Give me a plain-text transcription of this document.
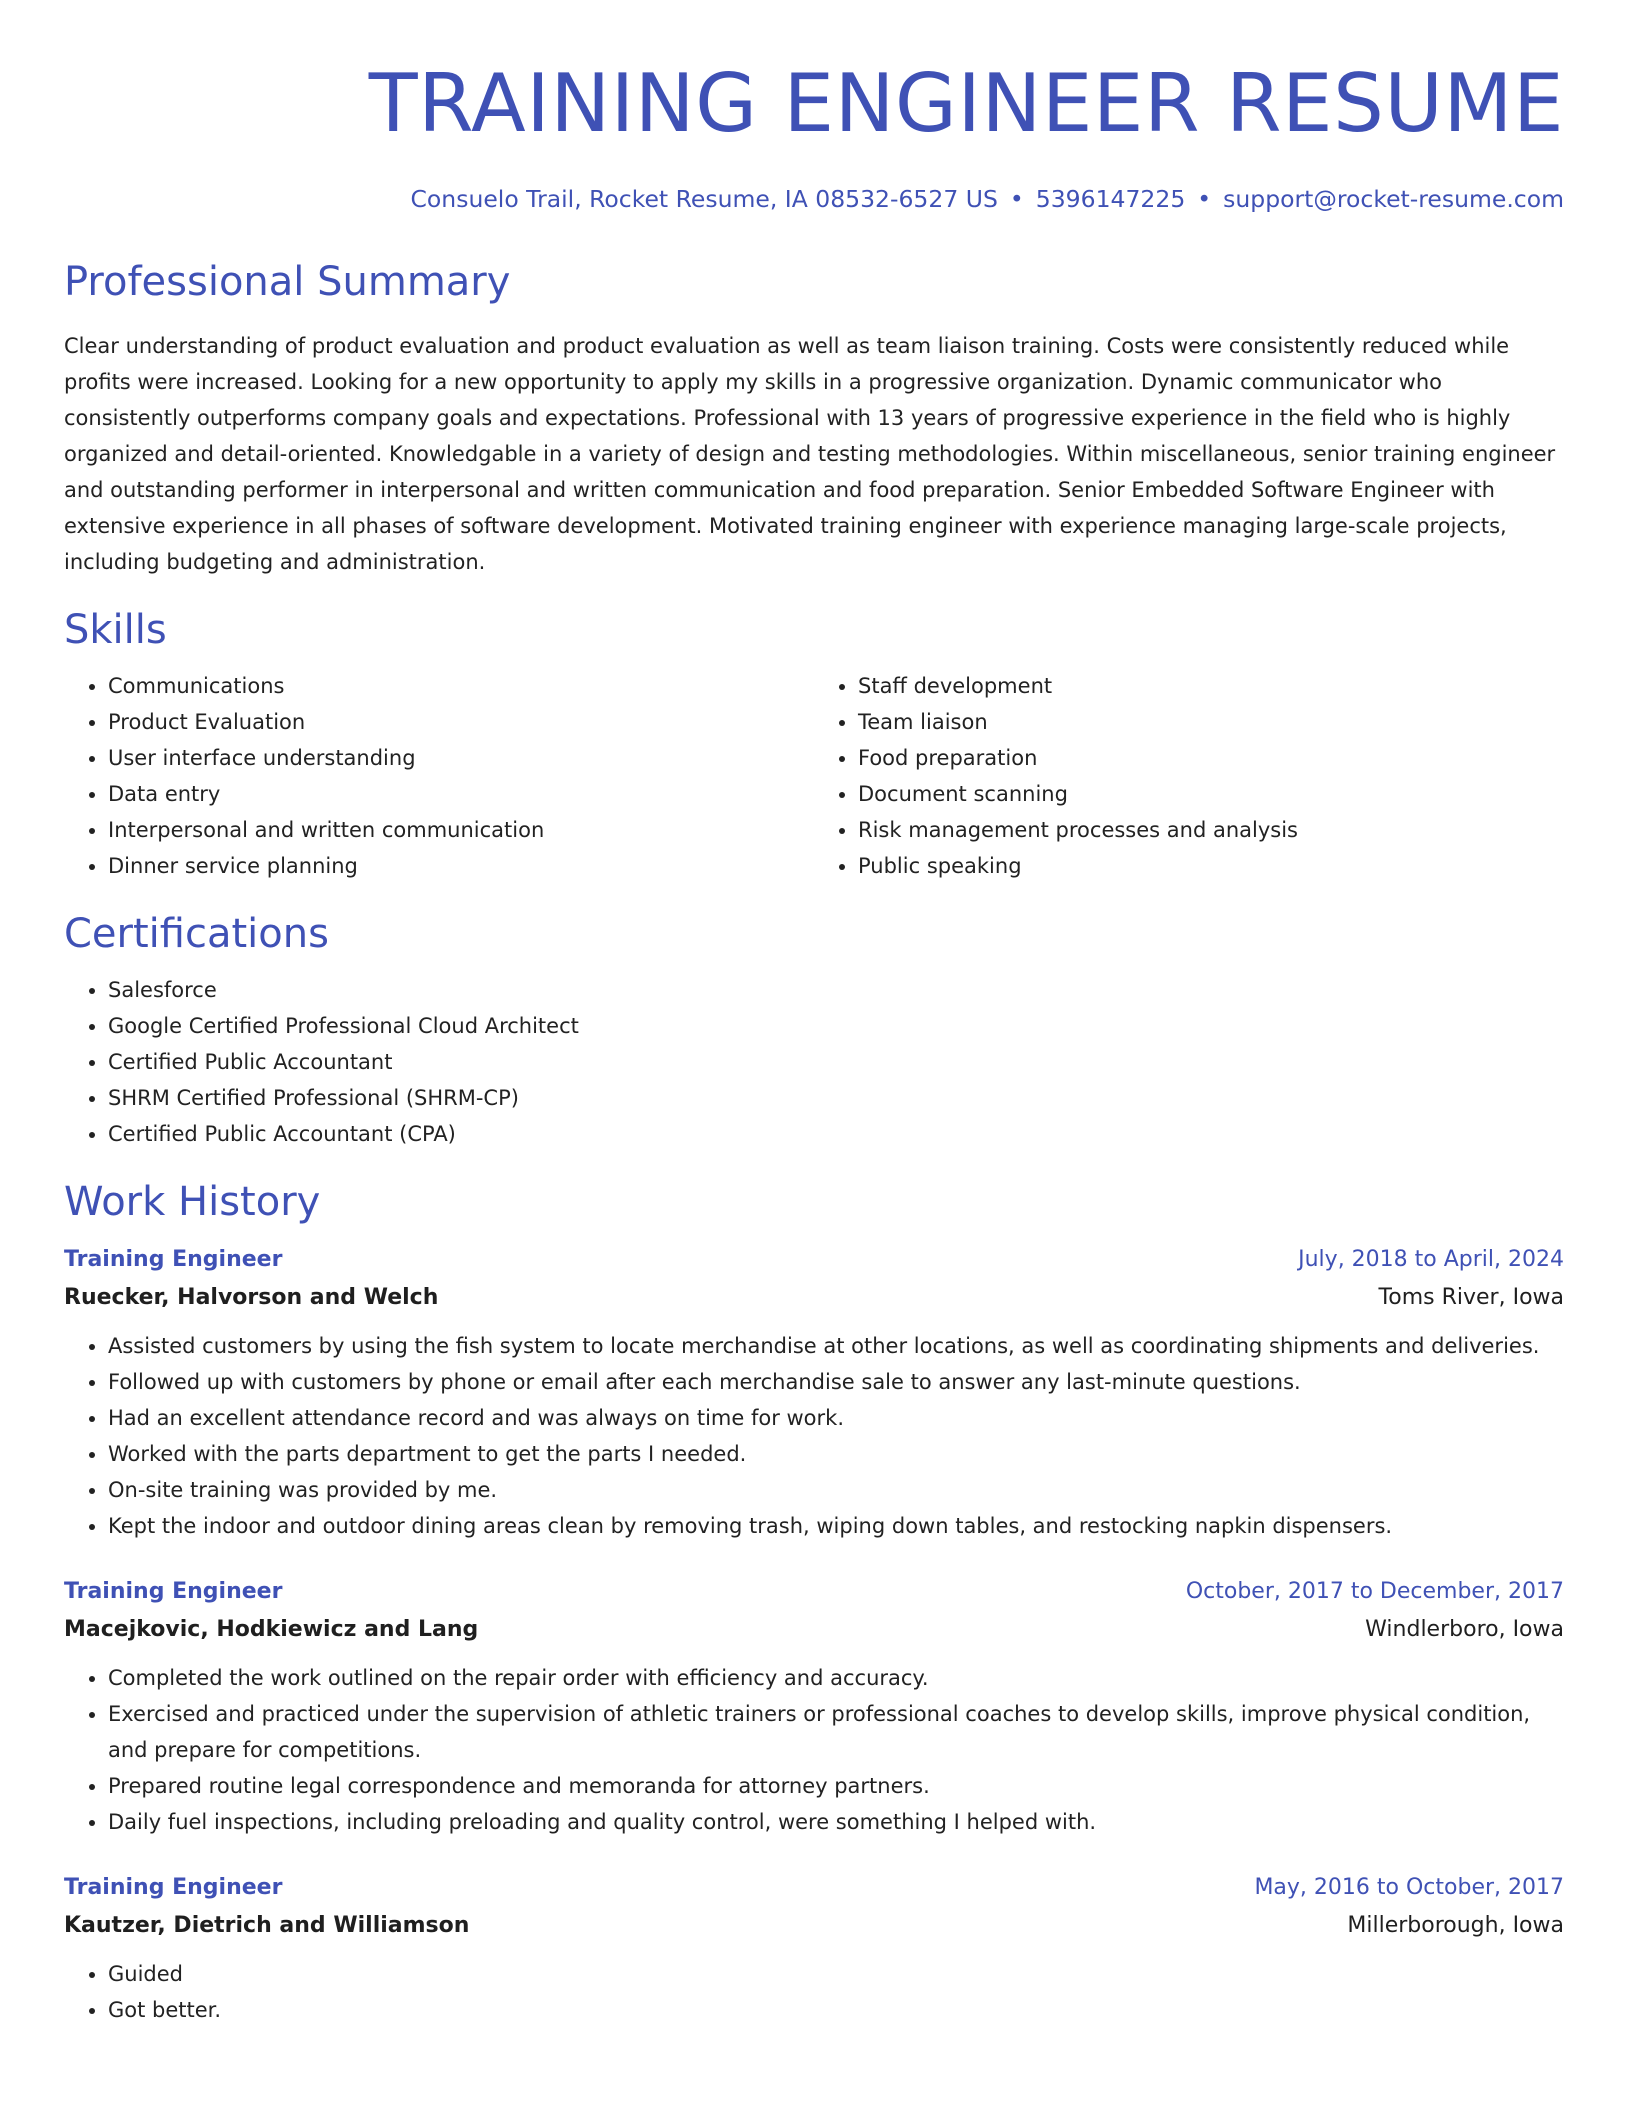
TRAINING ENGINEER RESUME
Consuelo Trail, Rocket Resume, IA 08532-6527 US • 5396147225 • support@rocket-resume.com
Professional Summary
Clear understanding of product evaluation and product evaluation as well as team liaison training. Costs were consistently reduced while profits were increased. Looking for a new opportunity to apply my skills in a progressive organization. Dynamic communicator who consistently outperforms company goals and expectations. Professional with 13 years of progressive experience in the field who is highly organized and detail-oriented. Knowledgable in a variety of design and testing methodologies. Within miscellaneous, senior training engineer and outstanding performer in interpersonal and written communication and food preparation. Senior Embedded Software Engineer with extensive experience in all phases of software development. Motivated training engineer with experience managing large-scale projects, including budgeting and administration.
Skills
• Communications
• Product Evaluation
• User interface understanding
• Data entry
• Interpersonal and written communication
• Dinner service planning
• Staff development
• Team liaison
• Food preparation
• Document scanning
• Risk management processes and analysis
• Public speaking
Certifications
• Salesforce
• Google Certified Professional Cloud Architect
• Certified Public Accountant
• SHRM Certified Professional (SHRM-CP)
• Certified Public Accountant (CPA)
Work History
Training Engineer	July, 2018 to April, 2024
Ruecker, Halvorson and Welch	Toms River, Iowa
• Assisted customers by using the fish system to locate merchandise at other locations, as well as coordinating shipments and deliveries.
• Followed up with customers by phone or email after each merchandise sale to answer any last-minute questions.
• Had an excellent attendance record and was always on time for work.
• Worked with the parts department to get the parts I needed.
• On-site training was provided by me.
• Kept the indoor and outdoor dining areas clean by removing trash, wiping down tables, and restocking napkin dispensers.
Training Engineer	October, 2017 to December, 2017
Macejkovic, Hodkiewicz and Lang	Windlerboro, Iowa
• Completed the work outlined on the repair order with efficiency and accuracy.
• Exercised and practiced under the supervision of athletic trainers or professional coaches to develop skills, improve physical condition, and prepare for competitions.
• Prepared routine legal correspondence and memoranda for attorney partners.
• Daily fuel inspections, including preloading and quality control, were something I helped with.
Training Engineer	May, 2016 to October, 2017
Kautzer, Dietrich and Williamson	Millerborough, Iowa
• Guided
• Got better.
